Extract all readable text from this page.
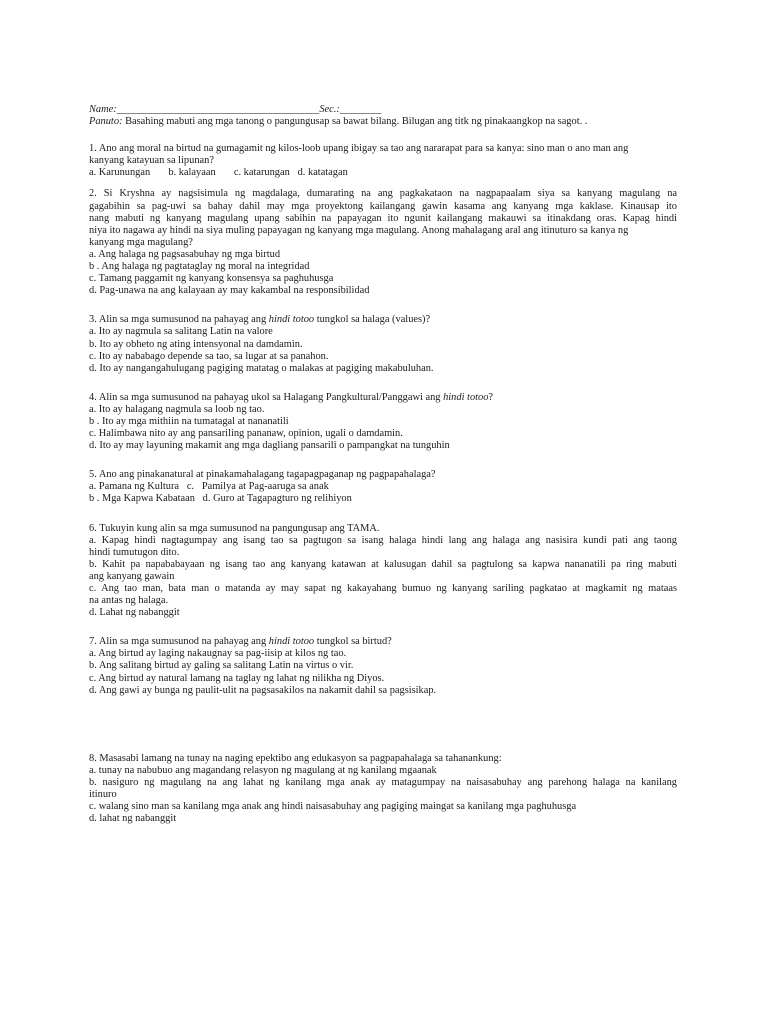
Name:_______________________________________Sec.:________
Panuto: Basahing mabuti ang mga tanong o pangungusap sa bawat bilang. Bilugan ang titk ng pinakaangkop na sagot. .
1. Ano ang moral na birtud na gumagamit ng kilos-loob upang ibigay sa tao ang nararapat para sa kanya: sino man o ano man ang
kanyang katayuan sa lipunan?
a. Karunungan       b. kalayaan       c. katarungan   d. katatagan
2. Si Kryshna ay nagsisimula ng magdalaga, dumarating na ang pagkakataon na nagpapaalam siya sa kanyang magulang na
gagabihin sa pag-uwi sa bahay dahil may mga proyektong kailangang gawin kasama ang kanyang mga kaklase. Kinausap ito
nang mabuti ng kanyang magulang upang sabihin na papayagan ito ngunit kailangang makauwi sa itinakdang oras. Kapag hindi
niya ito nagawa ay hindi na siya muling papayagan ng kanyang mga magulang. Anong mahalagang aral ang itinuturo sa kanya ng
kanyang mga magulang?
a. Ang halaga ng pagsasabuhay ng mga birtud
b . Ang halaga ng pagtataglay ng moral na integridad
c. Tamang paggamit ng kanyang konsensya sa paghuhusga
d. Pag-unawa na ang kalayaan ay may kakambal na responsibilidad
3. Alin sa mga sumusunod na pahayag ang hindi totoo tungkol sa halaga (values)?
a. Ito ay nagmula sa salitang Latin na valore
b. Ito ay obheto ng ating intensyonal na damdamin.
c. Ito ay nababago depende sa tao, sa lugar at sa panahon.
d. Ito ay nangangahulugang pagiging matatag o malakas at pagiging makabuluhan.
4. Alin sa mga sumusunod na pahayag ukol sa Halagang Pangkultural/Panggawi ang hindi totoo?
a. Ito ay halagang nagmula sa loob ng tao.
b . Ito ay mga mithiin na tumatagal at nananatili
c. Halimbawa nito ay ang pansariling pananaw, opinion, ugali o damdamin.
d. Ito ay may layuning makamit ang mga dagliang pansarili o pampangkat na tunguhin
5. Ano ang pinakanatural at pinakamahalagang tagapagpaganap ng pagpapahalaga?
a. Pamana ng Kultura   c.   Pamilya at Pag-aaruga sa anak
b . Mga Kapwa Kabataan   d. Guro at Tagapagturo ng relihiyon
6. Tukuyin kung alin sa mga sumusunod na pangungusap ang TAMA.
a. Kapag hindi nagtagumpay ang isang tao sa pagtugon sa isang halaga hindi lang ang halaga ang nasisira kundi pati ang taong
hindi tumutugon dito.
b. Kahit pa napababayaan ng isang tao ang kanyang katawan at kalusugan dahil sa pagtulong sa kapwa nananatili pa ring mabuti
ang kanyang gawain
c. Ang tao man, bata man o matanda ay may sapat ng kakayahang bumuo ng kanyang sariling pagkatao at magkamit ng mataas
na antas ng halaga.
d. Lahat ng nabanggit
7. Alin sa mga sumusunod na pahayag ang hindi totoo tungkol sa birtud?
a. Ang birtud ay laging nakaugnay sa pag-iisip at kilos ng tao.
b. Ang salitang birtud ay galing sa salitang Latin na virtus o vir.
c. Ang birtud ay natural lamang na taglay ng lahat ng nilikha ng Diyos.
d. Ang gawi ay bunga ng paulit-ulit na pagsasakilos na nakamit dahil sa pagsisikap.
8. Masasabi lamang na tunay na naging epektibo ang edukasyon sa pagpapahalaga sa tahanankung:
a. tunay na nabubuo ang magandang relasyon ng magulang at ng kanilang mgaanak
b. nasiguro ng magulang na ang lahat ng kanilang mga anak ay matagumpay na naisasabuhay ang parehong halaga na kanilang
itinuro
c. walang sino man sa kanilang mga anak ang hindi naisasabuhay ang pagiging maingat sa kanilang mga paghuhusga
d. lahat ng nabanggit
